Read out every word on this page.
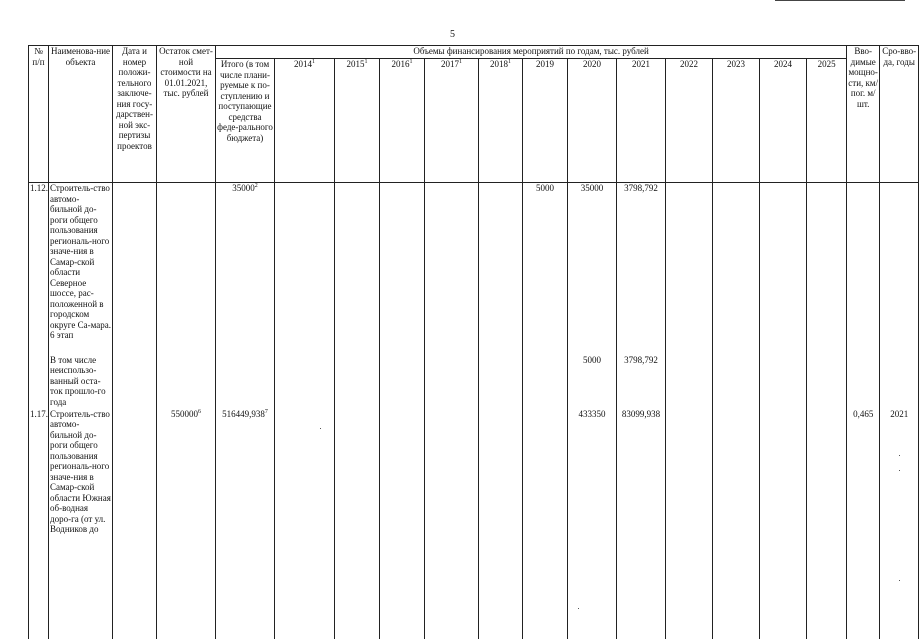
5
№ п/п	Наименова-ние объекта	Дата и номер положи-тельного заключе-ния госу-дарствен-ной экс-пертизы проектов	Остаток смет-ной стоимости на 01.01.2021, тыс. рублей	Объемы финансирования мероприятий по годам, тыс. рублей													Вво-димые мощно-сти, км/ пог. м/шт.	Сро-вво-да, годы
				Итого (в том числе плани-руемые к по-ступлению и поступающие средства феде-рального бюджета)	2014$^1$	2015$^1$	2016$^1$	2017$^1$	2018$^1$	2019	2020	2021	2022	2023	2024	2025		
1.12.	Строитель-ство автомо-бильной до-роги общего пользования региональ-ного значе-ния в Самар-ской области Северное шоссе, рас-положенной в городском округе Са-мара. 6 этап			35000$^2$						5000	35000	3798,792						
	В том числе неиспользо-ванный оста-ток прошло-го года										5000	3798,792						
1.17.	Строитель-ство автомо-бильной до-роги общего пользования региональ-ного значе-ния в Самар-ской области Южная об-водная доро-га (от ул. Водников до		550000$^6$	516449,938$^7$							433350	83099,938					0,465	2021
